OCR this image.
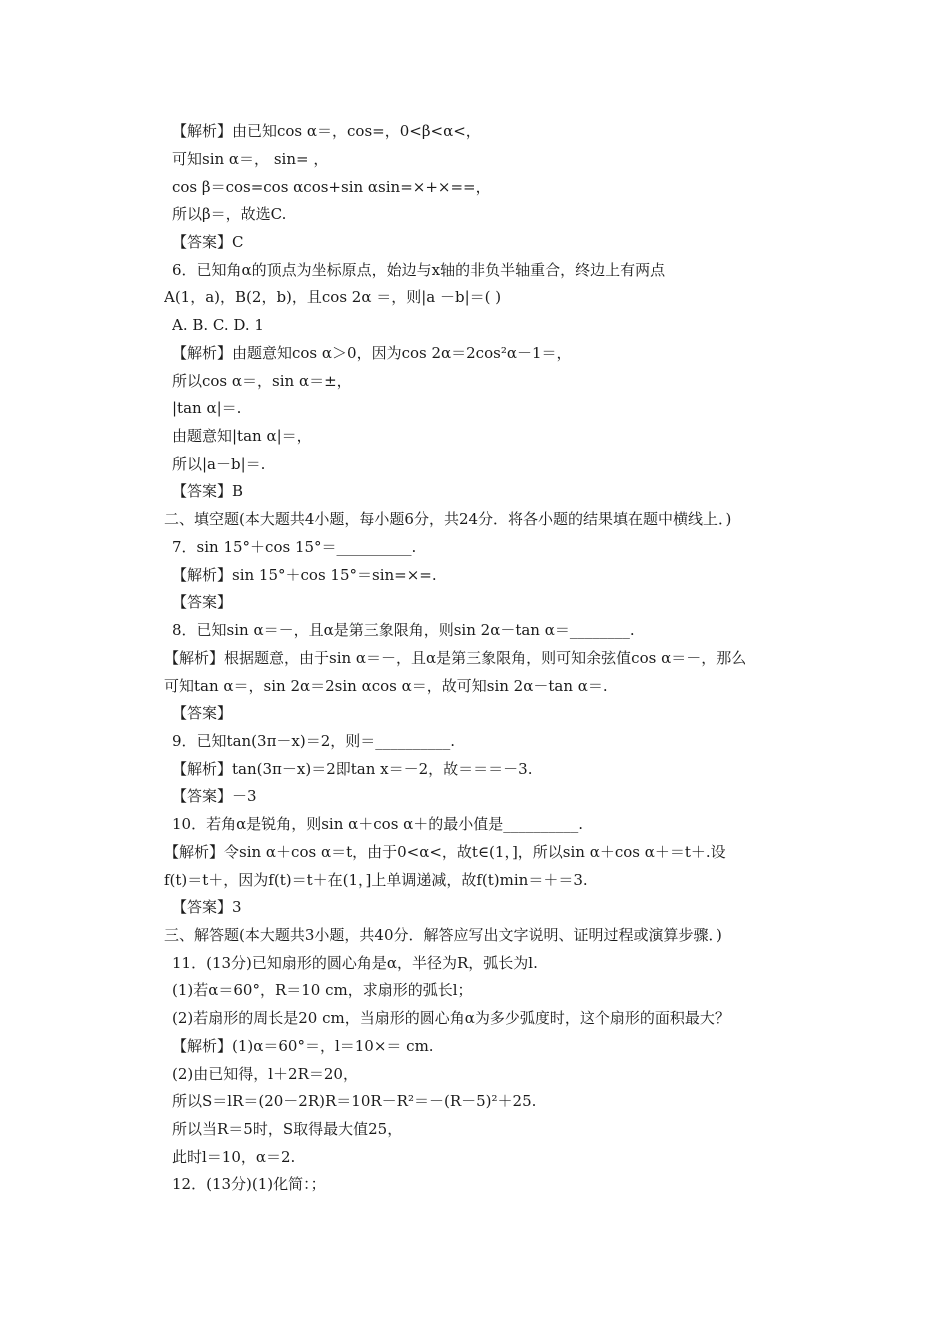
【解析】由已知cos α＝，cos=，0<β<α<，
可知sin α＝， sin= ，
cos β＝cos=cos αcos+sin αsin=×+×==，
所以β＝，故选C.
【答案】C
6．已知角α的顶点为坐标原点，始边与x轴的非负半轴重合，终边上有两点
A(1，a)，B(2，b)，且cos 2α ＝，则|a －b|＝( )
A. B. C. D. 1
【解析】由题意知cos α＞0，因为cos 2α＝2cos²α－1＝，
所以cos α＝，sin α＝±，
|tan α|＝.
由题意知|tan α|＝，
所以|a－b|＝.
【答案】B
二、填空题(本大题共4小题，每小题6分，共24分．将各小题的结果填在题中横线上．)
7．sin 15°＋cos 15°＝__________.
【解析】sin 15°＋cos 15°＝sin=×=.
【答案】
8．已知sin α＝－，且α是第三象限角，则sin 2α－tan α＝________.
【解析】根据题意，由于sin α＝－，且α是第三象限角，则可知余弦值cos α＝－，那么
可知tan α＝，sin 2α＝2sin αcos α＝，故可知sin 2α－tan α＝.
【答案】
9．已知tan(3π－x)＝2，则＝__________.
【解析】tan(3π－x)＝2即tan x＝－2，故＝＝＝－3.
【答案】－3
10．若角α是锐角，则sin α＋cos α＋的最小值是__________.
【解析】令sin α＋cos α＝t，由于0<α<，故t∈(1，]，所以sin α＋cos α＋＝t＋.设
f(t)＝t＋，因为f(t)＝t＋在(1，]上单调递减，故f(t)min＝＋＝3.
【答案】3
三、解答题(本大题共3小题，共40分．解答应写出文字说明、证明过程或演算步骤．)
11．(13分)已知扇形的圆心角是α，半径为R，弧长为l.
(1)若α＝60°，R＝10 cm，求扇形的弧长l；
(2)若扇形的周长是20 cm，当扇形的圆心角α为多少弧度时，这个扇形的面积最大？
【解析】(1)α＝60°＝，l＝10×＝ cm.
(2)由已知得，l＋2R＝20，
所以S＝lR＝(20－2R)R＝10R－R²＝－(R－5)²＋25.
所以当R＝5时，S取得最大值25，
此时l＝10，α＝2.
12．(13分)(1)化简：；
